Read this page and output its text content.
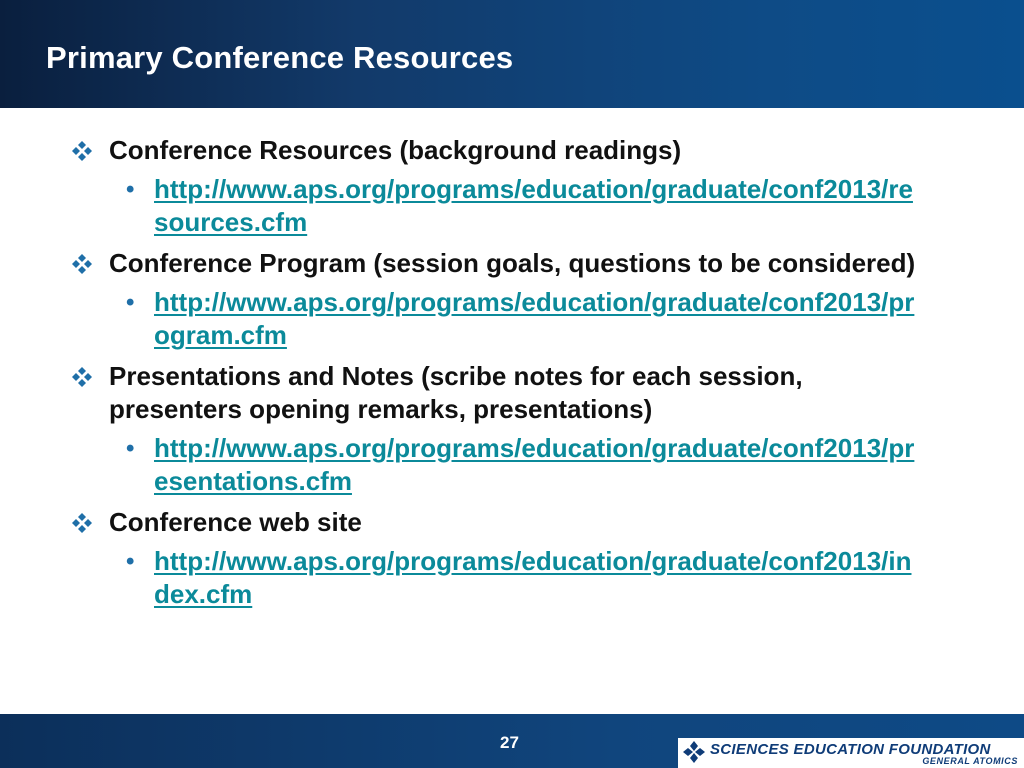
Primary Conference Resources
Conference Resources (background readings)
• http://www.aps.org/programs/education/graduate/conf2013/resources.cfm
Conference Program (session goals, questions to be considered)
• http://www.aps.org/programs/education/graduate/conf2013/program.cfm
Presentations and Notes (scribe notes for each session, presenters opening remarks, presentations)
• http://www.aps.org/programs/education/graduate/conf2013/presentations.cfm
Conference web site
• http://www.aps.org/programs/education/graduate/conf2013/index.cfm
27	SCIENCES EDUCATION FOUNDATION
GENERAL ATOMICS
